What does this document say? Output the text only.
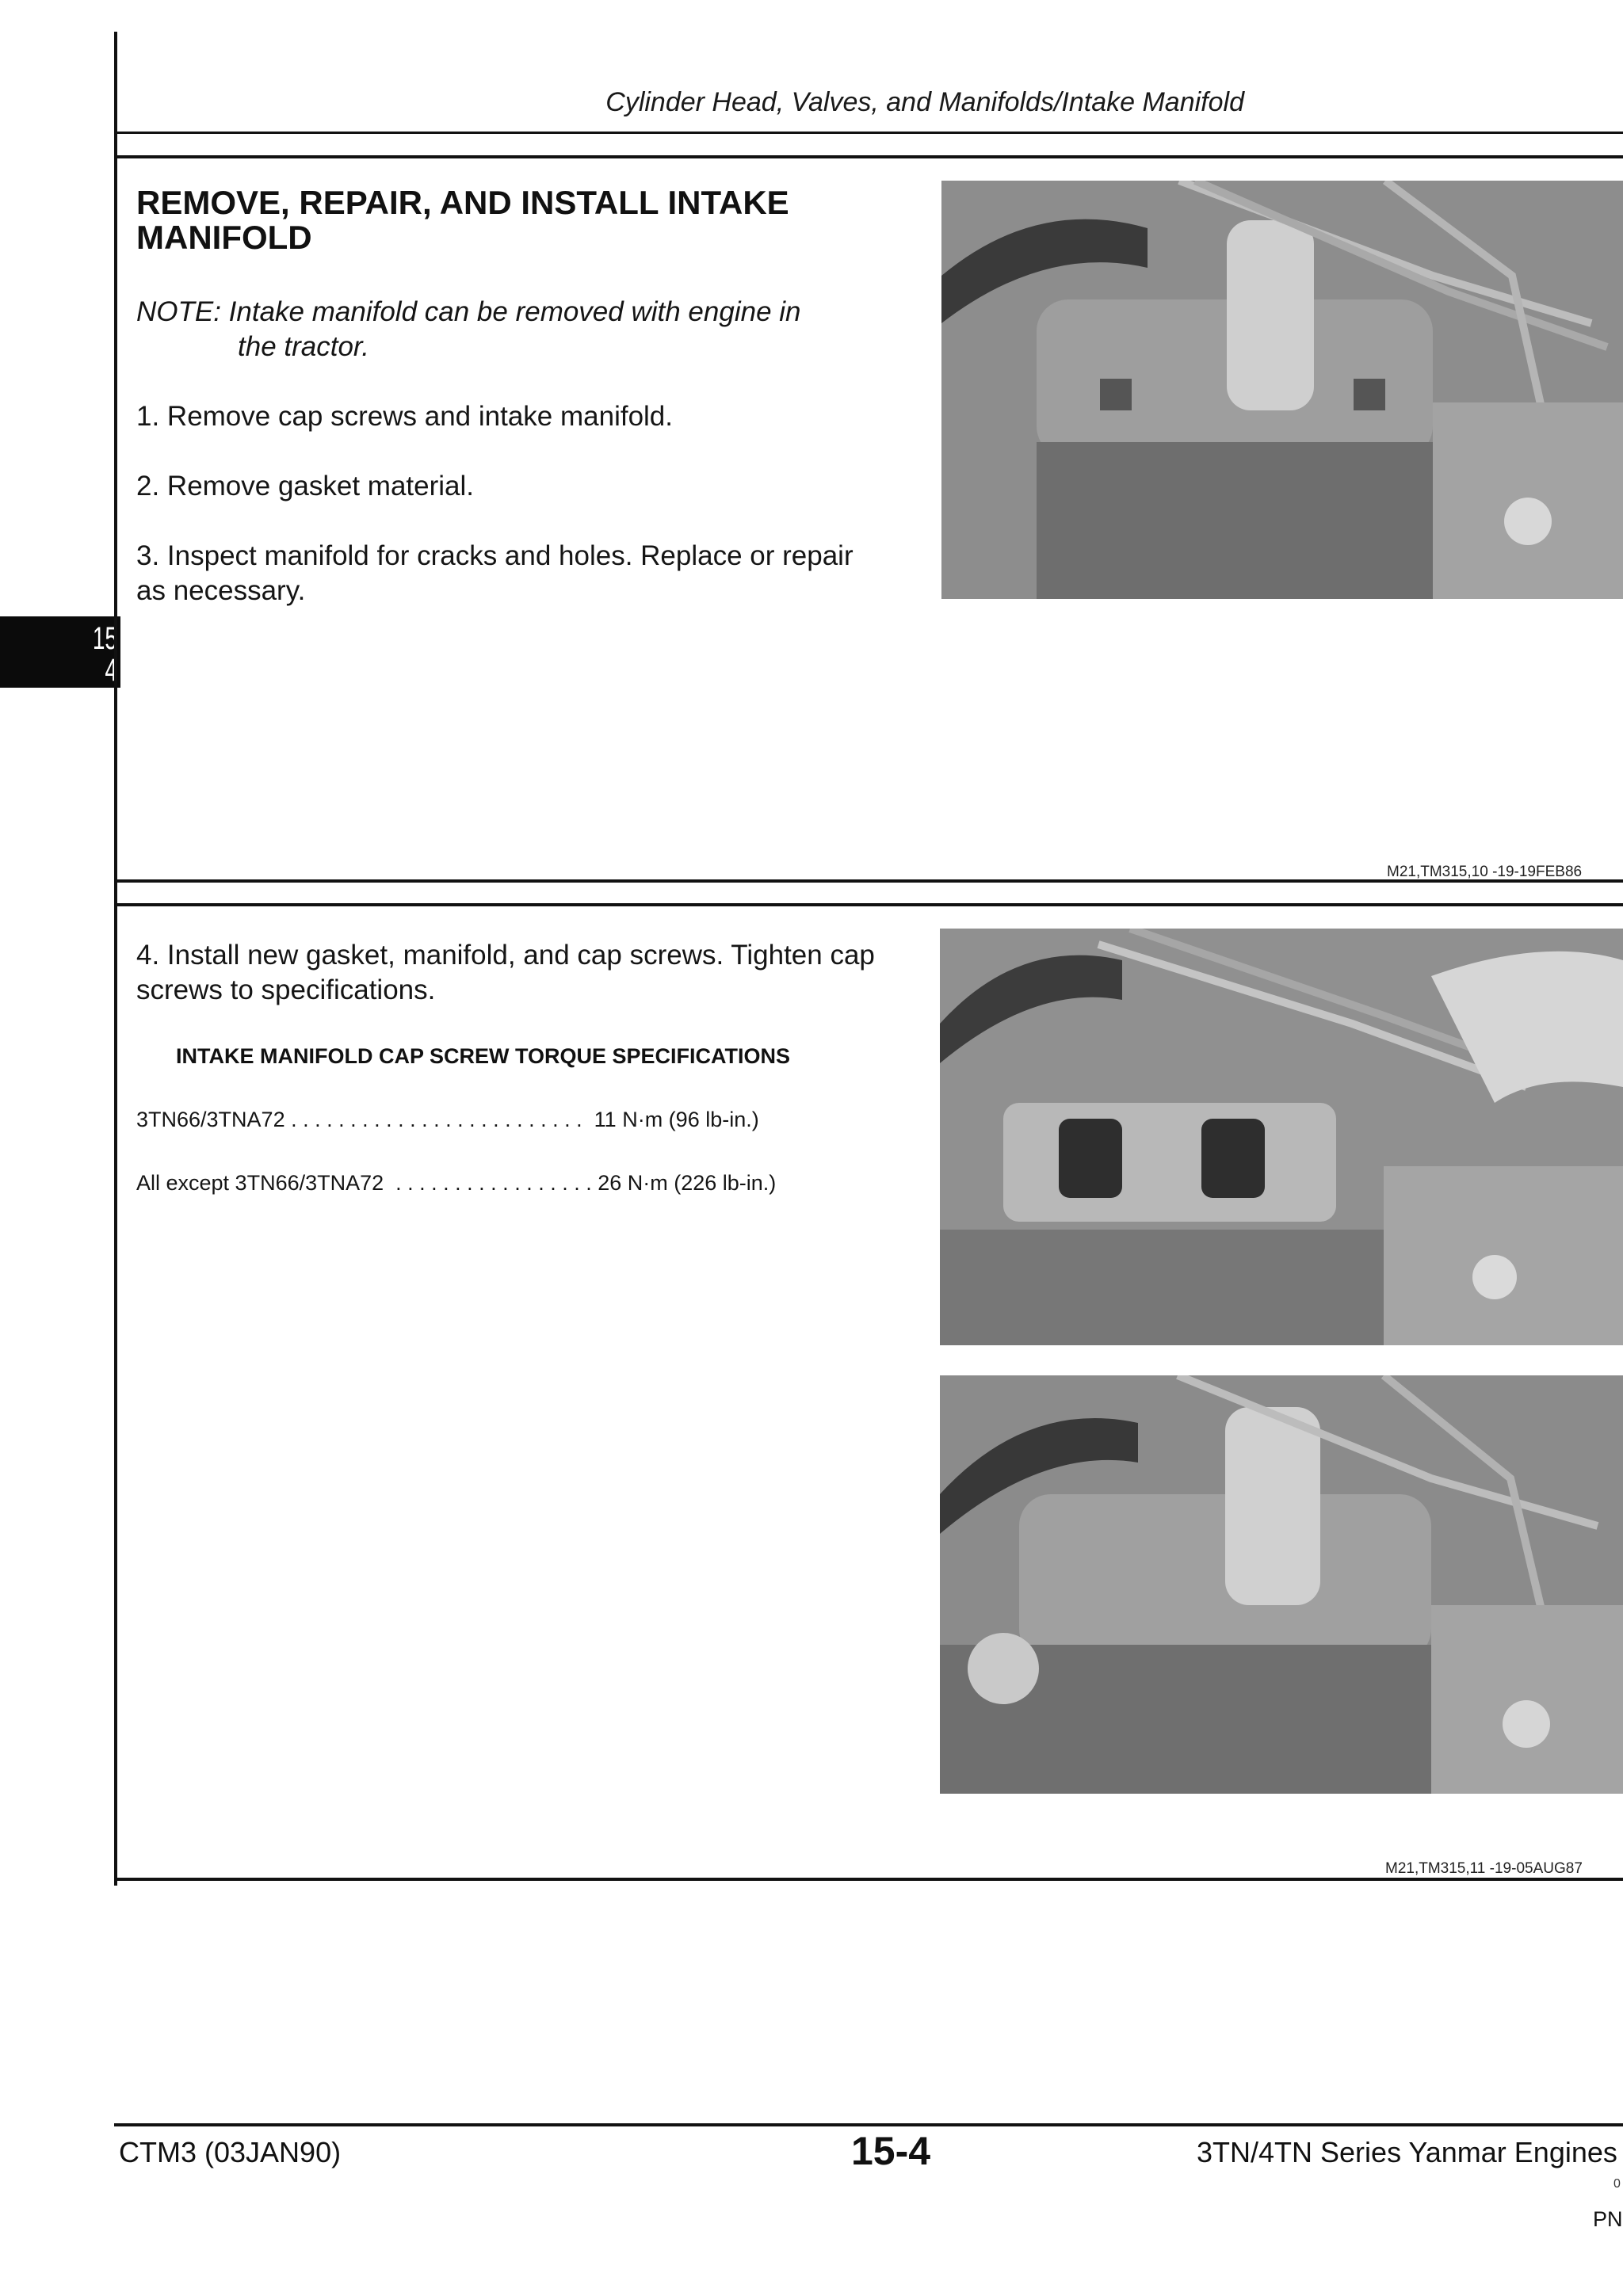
Cylinder Head, Valves, and Manifolds/Intake Manifold
15
4
REMOVE, REPAIR, AND INSTALL INTAKE MANIFOLD

NOTE: Intake manifold can be removed with engine in
the tractor.

1. Remove cap screws and intake manifold.

2. Remove gasket material.

3. Inspect manifold for cracks and holes. Replace or repair as necessary.

M21,TM315,10 -19-19FEB86

4. Install new gasket, manifold, and cap screws. Tighten cap screws to specifications.

INTAKE MANIFOLD CAP SCREW TORQUE SPECIFICATIONS
3TN66/3TNA72 . . . . . . . . . . . . . . . . . . . . . . . . .  11 N·m (96 lb-in.)
All except 3TN66/3TNA72  . . . . . . . . . . . . . . . . . 26 N·m (226 lb-in.)
M21,TM315,11 -19-05AUG87
CTM3 (03JAN90)	15-4	3TN/4TN Series Yanmar Engines
0
PN
